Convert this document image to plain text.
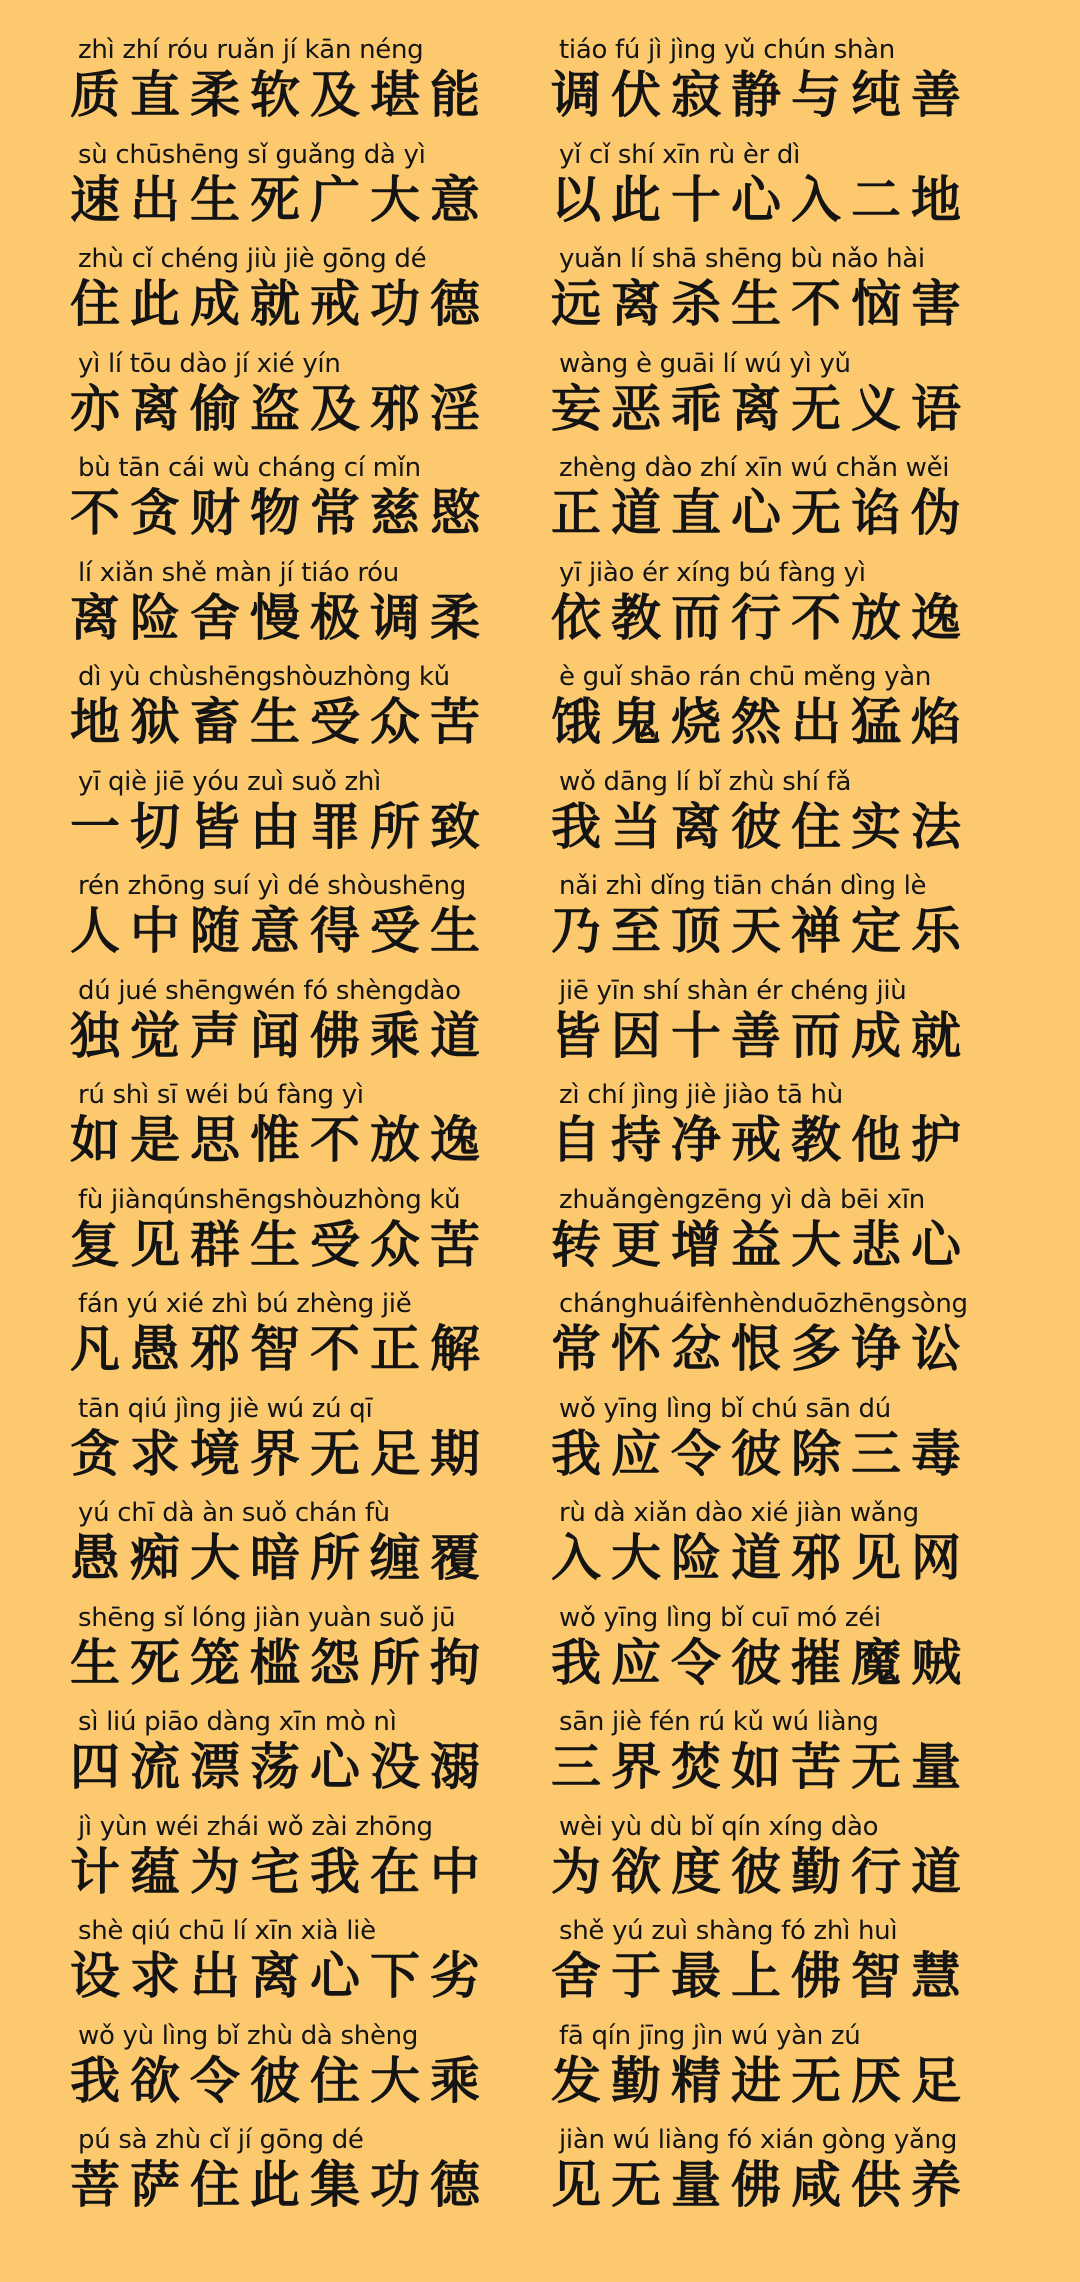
zhì zhí róu ruǎn jí kān néng
质直柔软及堪能
tiáo fú jì jìng yǔ chún shàn
调伏寂静与纯善
sù chūshēng sǐ guǎng dà yì
速出生死广大意
yǐ cǐ shí xīn rù èr dì
以此十心入二地
zhù cǐ chéng jiù jiè gōng dé
住此成就戒功德
yuǎn lí shā shēng bù nǎo hài
远离杀生不恼害
yì lí tōu dào jí xié yín
亦离偷盗及邪淫
wàng è guāi lí wú yì yǔ
妄恶乖离无义语
bù tān cái wù cháng cí mǐn
不贪财物常慈愍
zhèng dào zhí xīn wú chǎn wěi
正道直心无谄伪
lí xiǎn shě màn jí tiáo róu
离险舍慢极调柔
yī jiào ér xíng bú fàng yì
依教而行不放逸
dì yù chùshēngshòuzhòng kǔ
地狱畜生受众苦
è guǐ shāo rán chū měng yàn
饿鬼烧然出猛焰
yī qiè jiē yóu zuì suǒ zhì
一切皆由罪所致
wǒ dāng lí bǐ zhù shí fǎ
我当离彼住实法
rén zhōng suí yì dé shòushēng
人中随意得受生
nǎi zhì dǐng tiān chán dìng lè
乃至顶天禅定乐
dú jué shēngwén fó shèngdào
独觉声闻佛乘道
jiē yīn shí shàn ér chéng jiù
皆因十善而成就
rú shì sī wéi bú fàng yì
如是思惟不放逸
zì chí jìng jiè jiào tā hù
自持净戒教他护
fù jiànqúnshēngshòuzhòng kǔ
复见群生受众苦
zhuǎngèngzēng yì dà bēi xīn
转更增益大悲心
fán yú xié zhì bú zhèng jiě
凡愚邪智不正解
chánghuáifènhènduōzhēngsòng
常怀忿恨多诤讼
tān qiú jìng jiè wú zú qī
贪求境界无足期
wǒ yīng lìng bǐ chú sān dú
我应令彼除三毒
yú chī dà àn suǒ chán fù
愚痴大暗所缠覆
rù dà xiǎn dào xié jiàn wǎng
入大险道邪见网
shēng sǐ lóng jiàn yuàn suǒ jū
生死笼槛怨所拘
wǒ yīng lìng bǐ cuī mó zéi
我应令彼摧魔贼
sì liú piāo dàng xīn mò nì
四流漂荡心没溺
sān jiè fén rú kǔ wú liàng
三界焚如苦无量
jì yùn wéi zhái wǒ zài zhōng
计蕴为宅我在中
wèi yù dù bǐ qín xíng dào
为欲度彼勤行道
shè qiú chū lí xīn xià liè
设求出离心下劣
shě yú zuì shàng fó zhì huì
舍于最上佛智慧
wǒ yù lìng bǐ zhù dà shèng
我欲令彼住大乘
fā qín jīng jìn wú yàn zú
发勤精进无厌足
pú sà zhù cǐ jí gōng dé
菩萨住此集功德
jiàn wú liàng fó xián gòng yǎng
见无量佛咸供养
